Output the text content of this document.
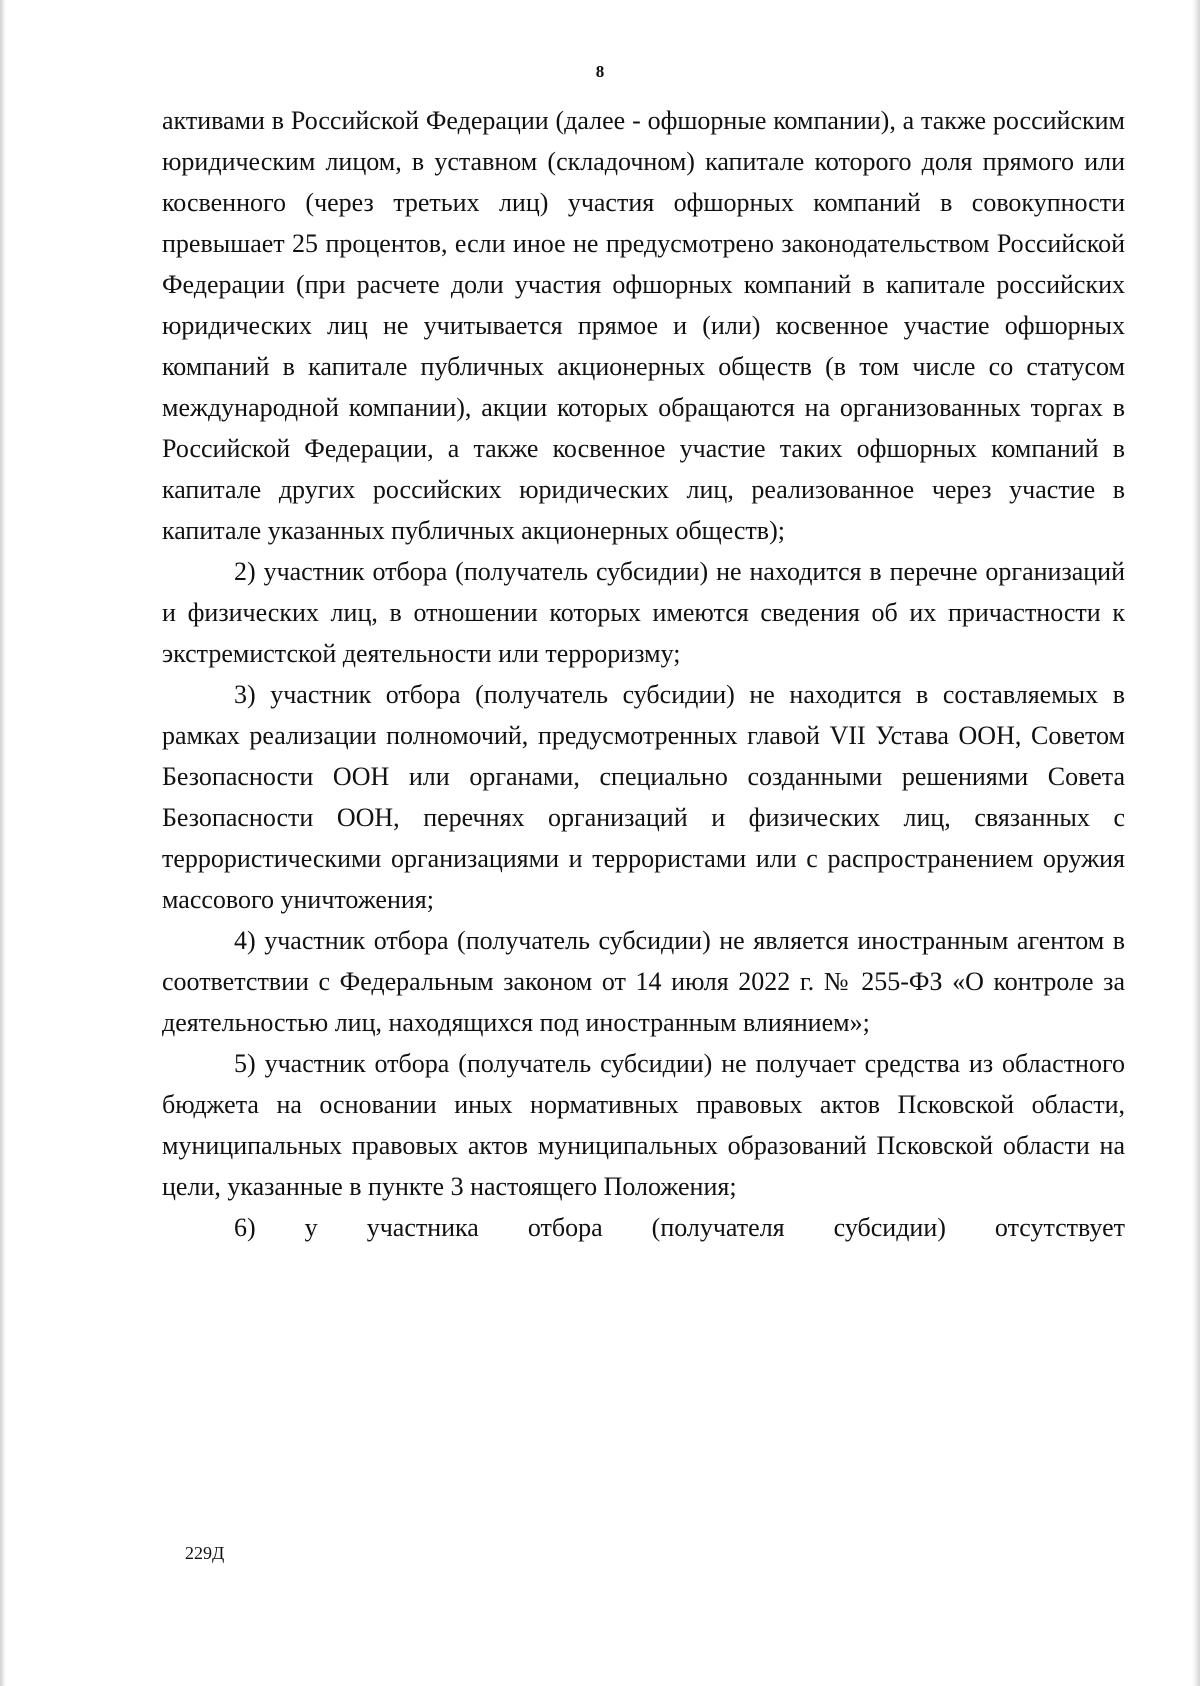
8

активами в Российской Федерации (далее - офшорные компании), а также российским юридическим лицом, в уставном (складочном) капитале которого доля прямого или косвенного (через третьих лиц) участия офшорных компаний в совокупности превышает 25 процентов, если иное не предусмотрено законодательством Российской Федерации (при расчете доли участия офшорных компаний в капитале российских юридических лиц не учитывается прямое и (или) косвенное участие офшорных компаний в капитале публичных акционерных обществ (в том числе со статусом международной компании), акции которых обращаются на организованных торгах в Российской Федерации, а также косвенное участие таких офшорных компаний в капитале других российских юридических лиц, реализованное через участие в капитале указанных публичных акционерных обществ);

2) участник отбора (получатель субсидии) не находится в перечне организаций и физических лиц, в отношении которых имеются сведения об их причастности к экстремистской деятельности или терроризму;

3) участник отбора (получатель субсидии) не находится в составляемых в рамках реализации полномочий, предусмотренных главой VII Устава ООН, Советом Безопасности ООН или органами, специально созданными решениями Совета Безопасности ООН, перечнях организаций и физических лиц, связанных с террористическими организациями и террористами или с распространением оружия массового уничтожения;

4) участник отбора (получатель субсидии) не является иностранным агентом в соответствии с Федеральным законом от 14 июля 2022 г. № 255-ФЗ «О контроле за деятельностью лиц, находящихся под иностранным влиянием»;

5) участник отбора (получатель субсидии) не получает средства из областного бюджета на основании иных нормативных правовых актов Псковской области, муниципальных правовых актов муниципальных образований Псковской области на цели, указанные в пункте 3 настоящего Положения;

6) у участника отбора (получателя субсидии) отсутствует

229Д
